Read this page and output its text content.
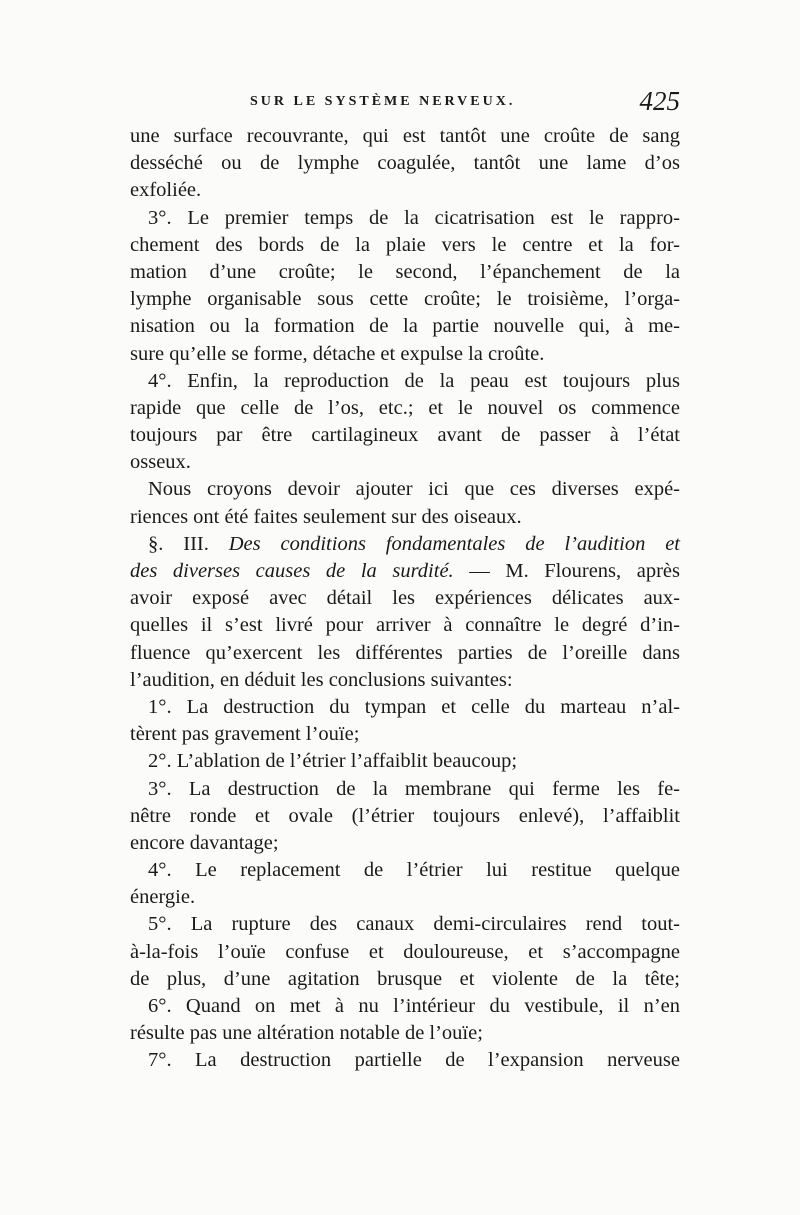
SUR LE SYSTÈME NERVEUX.	425
une surface recouvrante, qui est tantôt une croûte de sang
desséché ou de lymphe coagulée, tantôt une lame d’os
exfoliée.
3°. Le premier temps de la cicatrisation est le rappro-
chement des bords de la plaie vers le centre et la for-
mation d’une croûte; le second, l’épanchement de la
lymphe organisable sous cette croûte; le troisième, l’orga-
nisation ou la formation de la partie nouvelle qui, à me-
sure qu’elle se forme, détache et expulse la croûte.
4°. Enfin, la reproduction de la peau est toujours plus
rapide que celle de l’os, etc.; et le nouvel os commence
toujours par être cartilagineux avant de passer à l’état
osseux.
Nous croyons devoir ajouter ici que ces diverses expé-
riences ont été faites seulement sur des oiseaux.
§. III. Des conditions fondamentales de l’audition et
des diverses causes de la surdité. — M. Flourens, après
avoir exposé avec détail les expériences délicates aux-
quelles il s’est livré pour arriver à connaître le degré d’in-
fluence qu’exercent les différentes parties de l’oreille dans
l’audition, en déduit les conclusions suivantes:
1°. La destruction du tympan et celle du marteau n’al-
tèrent pas gravement l’ouïe;
2°. L’ablation de l’étrier l’affaiblit beaucoup;
3°. La destruction de la membrane qui ferme les fe-
nêtre ronde et ovale (l’étrier toujours enlevé), l’affaiblit
encore davantage;
4°. Le replacement de l’étrier lui restitue quelque
énergie.
5°. La rupture des canaux demi-circulaires rend tout-
à-la-fois l’ouïe confuse et douloureuse, et s’accompagne
de plus, d’une agitation brusque et violente de la tête;
6°. Quand on met à nu l’intérieur du vestibule, il n’en
résulte pas une altération notable de l’ouïe;
7°. La destruction partielle de l’expansion nerveuse
